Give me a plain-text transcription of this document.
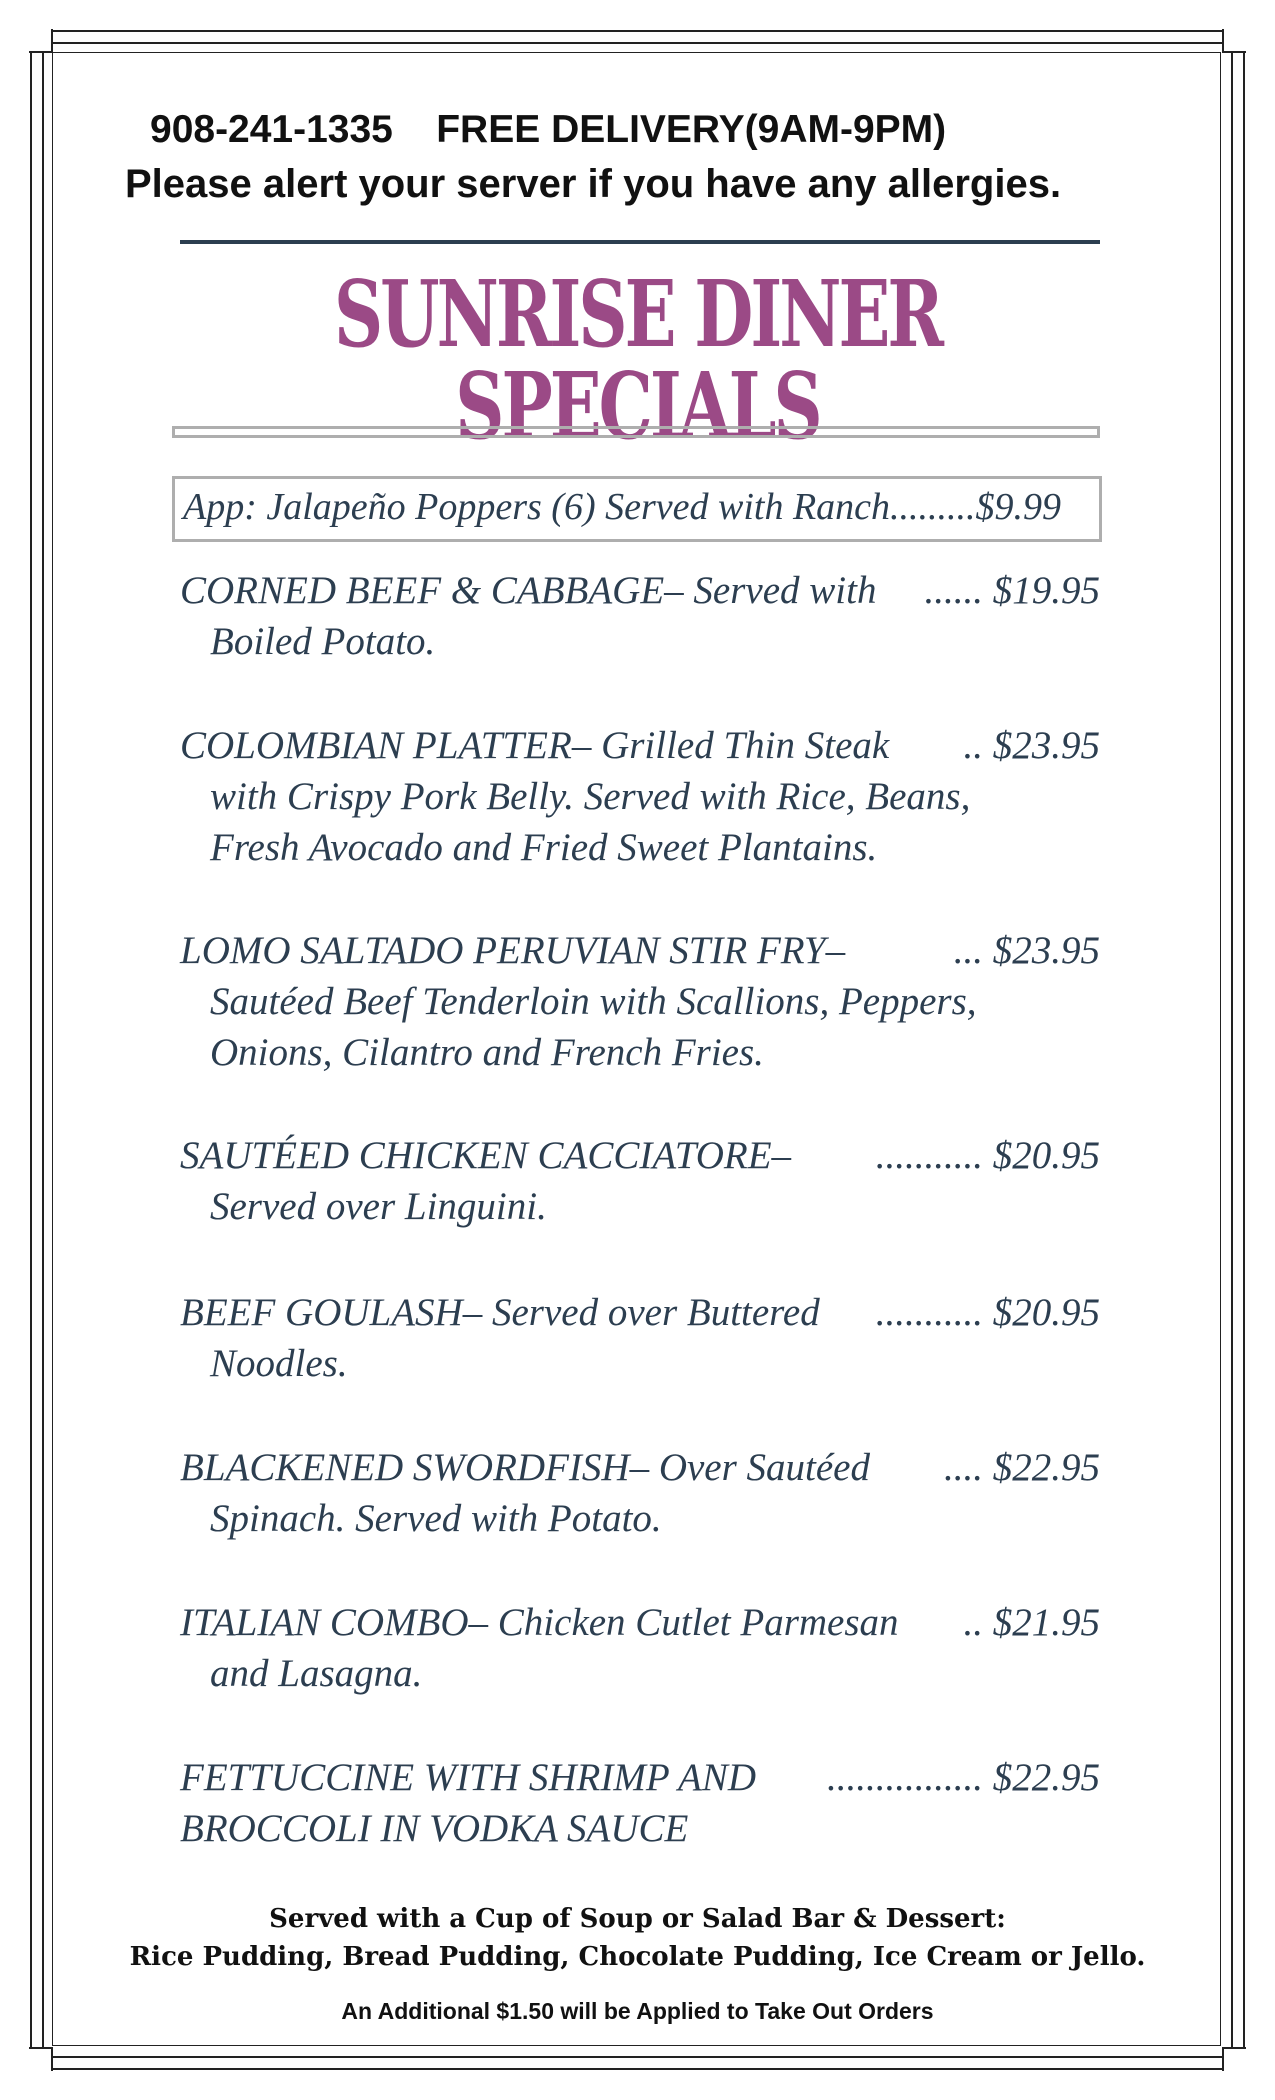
908-241-1335 FREE DELIVERY(9AM-9PM)

Please alert your server if you have any allergies.

SUNRISE DINER SPECIALS
App: Jalapeño Poppers (6) Served with Ranch.........$9.99
CORNED BEEF & CABBAGE – Served with ...... $19.95
Boiled Potato.
COLOMBIAN PLATTER – Grilled Thin Steak .. $23.95
with Crispy Pork Belly. Served with Rice, Beans,
Fresh Avocado and Fried Sweet Plantains.
LOMO SALTADO PERUVIAN STIR FRY –	... $23.95
Sautéed Beef Tenderloin with Scallions, Peppers,
Onions, Cilantro and French Fries.
SAUTÉED CHICKEN CACCIATORE – ........... $20.95
Served over Linguini.
BEEF GOULASH – Served over Buttered ........... $20.95
Noodles.
BLACKENED SWORDFISH – Over Sautéed .... $22.95
Spinach. Served with Potato.
ITALIAN COMBO – Chicken Cutlet Parmesan .. $21.95
and Lasagna.
FETTUCCINE WITH SHRIMP AND ................ $22.95
BROCCOLI IN VODKA SAUCE

Served with a Cup of Soup or Salad Bar & Dessert:
Rice Pudding, Bread Pudding, Chocolate Pudding, Ice Cream or Jello.

An Additional $1.50 will be Applied to Take Out Orders
